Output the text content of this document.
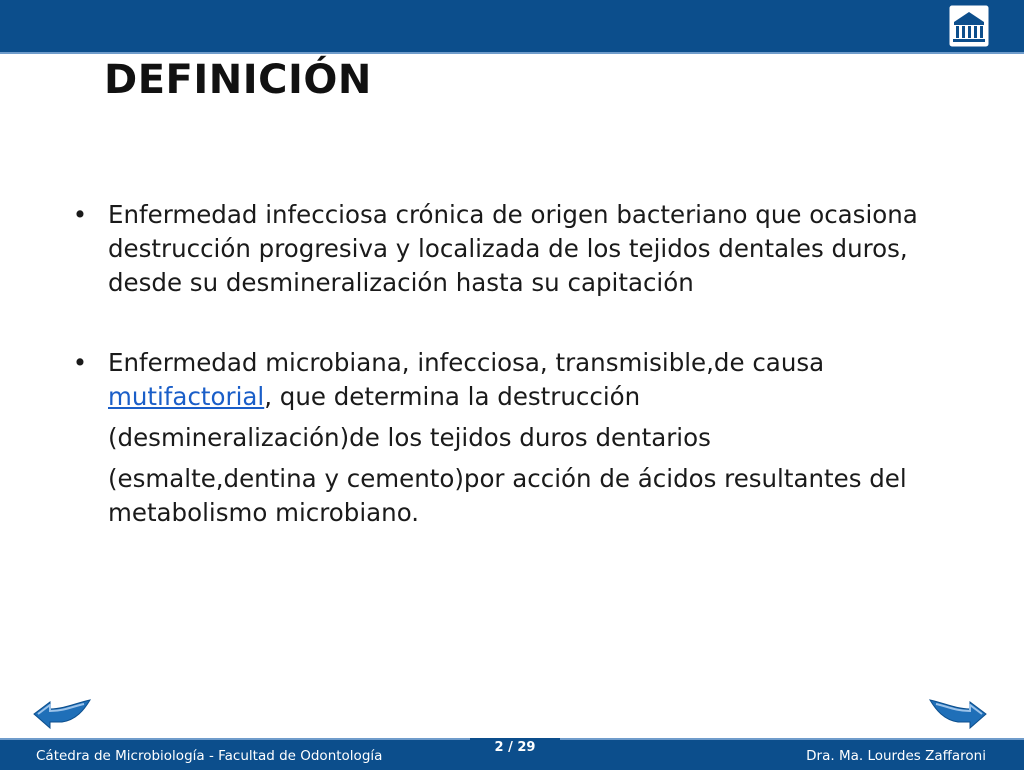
DEFINICIÓN
• Enfermedad infecciosa crónica de origen bacteriano que ocasiona destrucción progresiva y localizada de los tejidos dentales duros, desde su desmineralización hasta su capitación
• Enfermedad microbiana, infecciosa, transmisible,de causa
mutifactorial, que determina la destrucción
(desmineralización)de los tejidos duros dentarios
(esmalte,dentina y cemento)por acción de ácidos resultantes del metabolismo microbiano.
Cátedra de Microbiología - Facultad de Odontología
2 / 29
Dra. Ma. Lourdes Zaffaroni
